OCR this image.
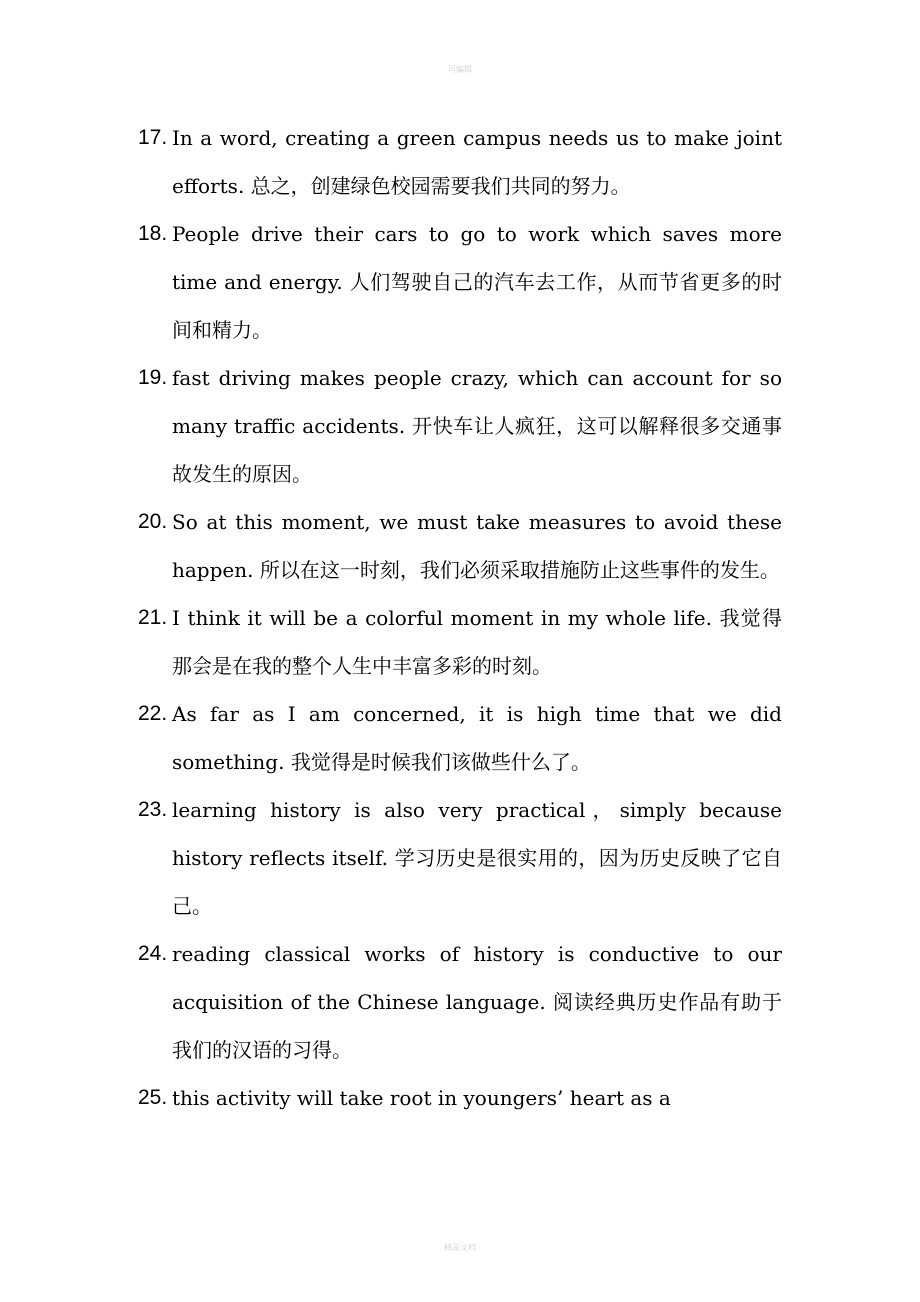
可编辑
17. In a word, creating a green campus needs us to make joint efforts. 总之，创建绿色校园需要我们共同的努力。
18. People drive their cars to go to work which saves more time and energy. 人们驾驶自己的汽车去工作，从而节省更多的时间和精力。
19. fast driving makes people crazy, which can account for so many traffic accidents. 开快车让人疯狂，这可以解释很多交通事故发生的原因。
20. So at this moment, we must take measures to avoid these happen. 所以在这一时刻，我们必须采取措施防止这些事件的发生。
21. I think it will be a colorful moment in my whole life. 我觉得那会是在我的整个人生中丰富多彩的时刻。
22. As far as I am concerned, it is high time that we did something. 我觉得是时候我们该做些什么了。
23. learning history is also very practical，simply because history reflects itself. 学习历史是很实用的，因为历史反映了它自己。
24. reading classical works of history is conductive to our acquisition of the Chinese language. 阅读经典历史作品有助于我们的汉语的习得。
25. this activity will take root in youngers’ heart as a
精品文档
